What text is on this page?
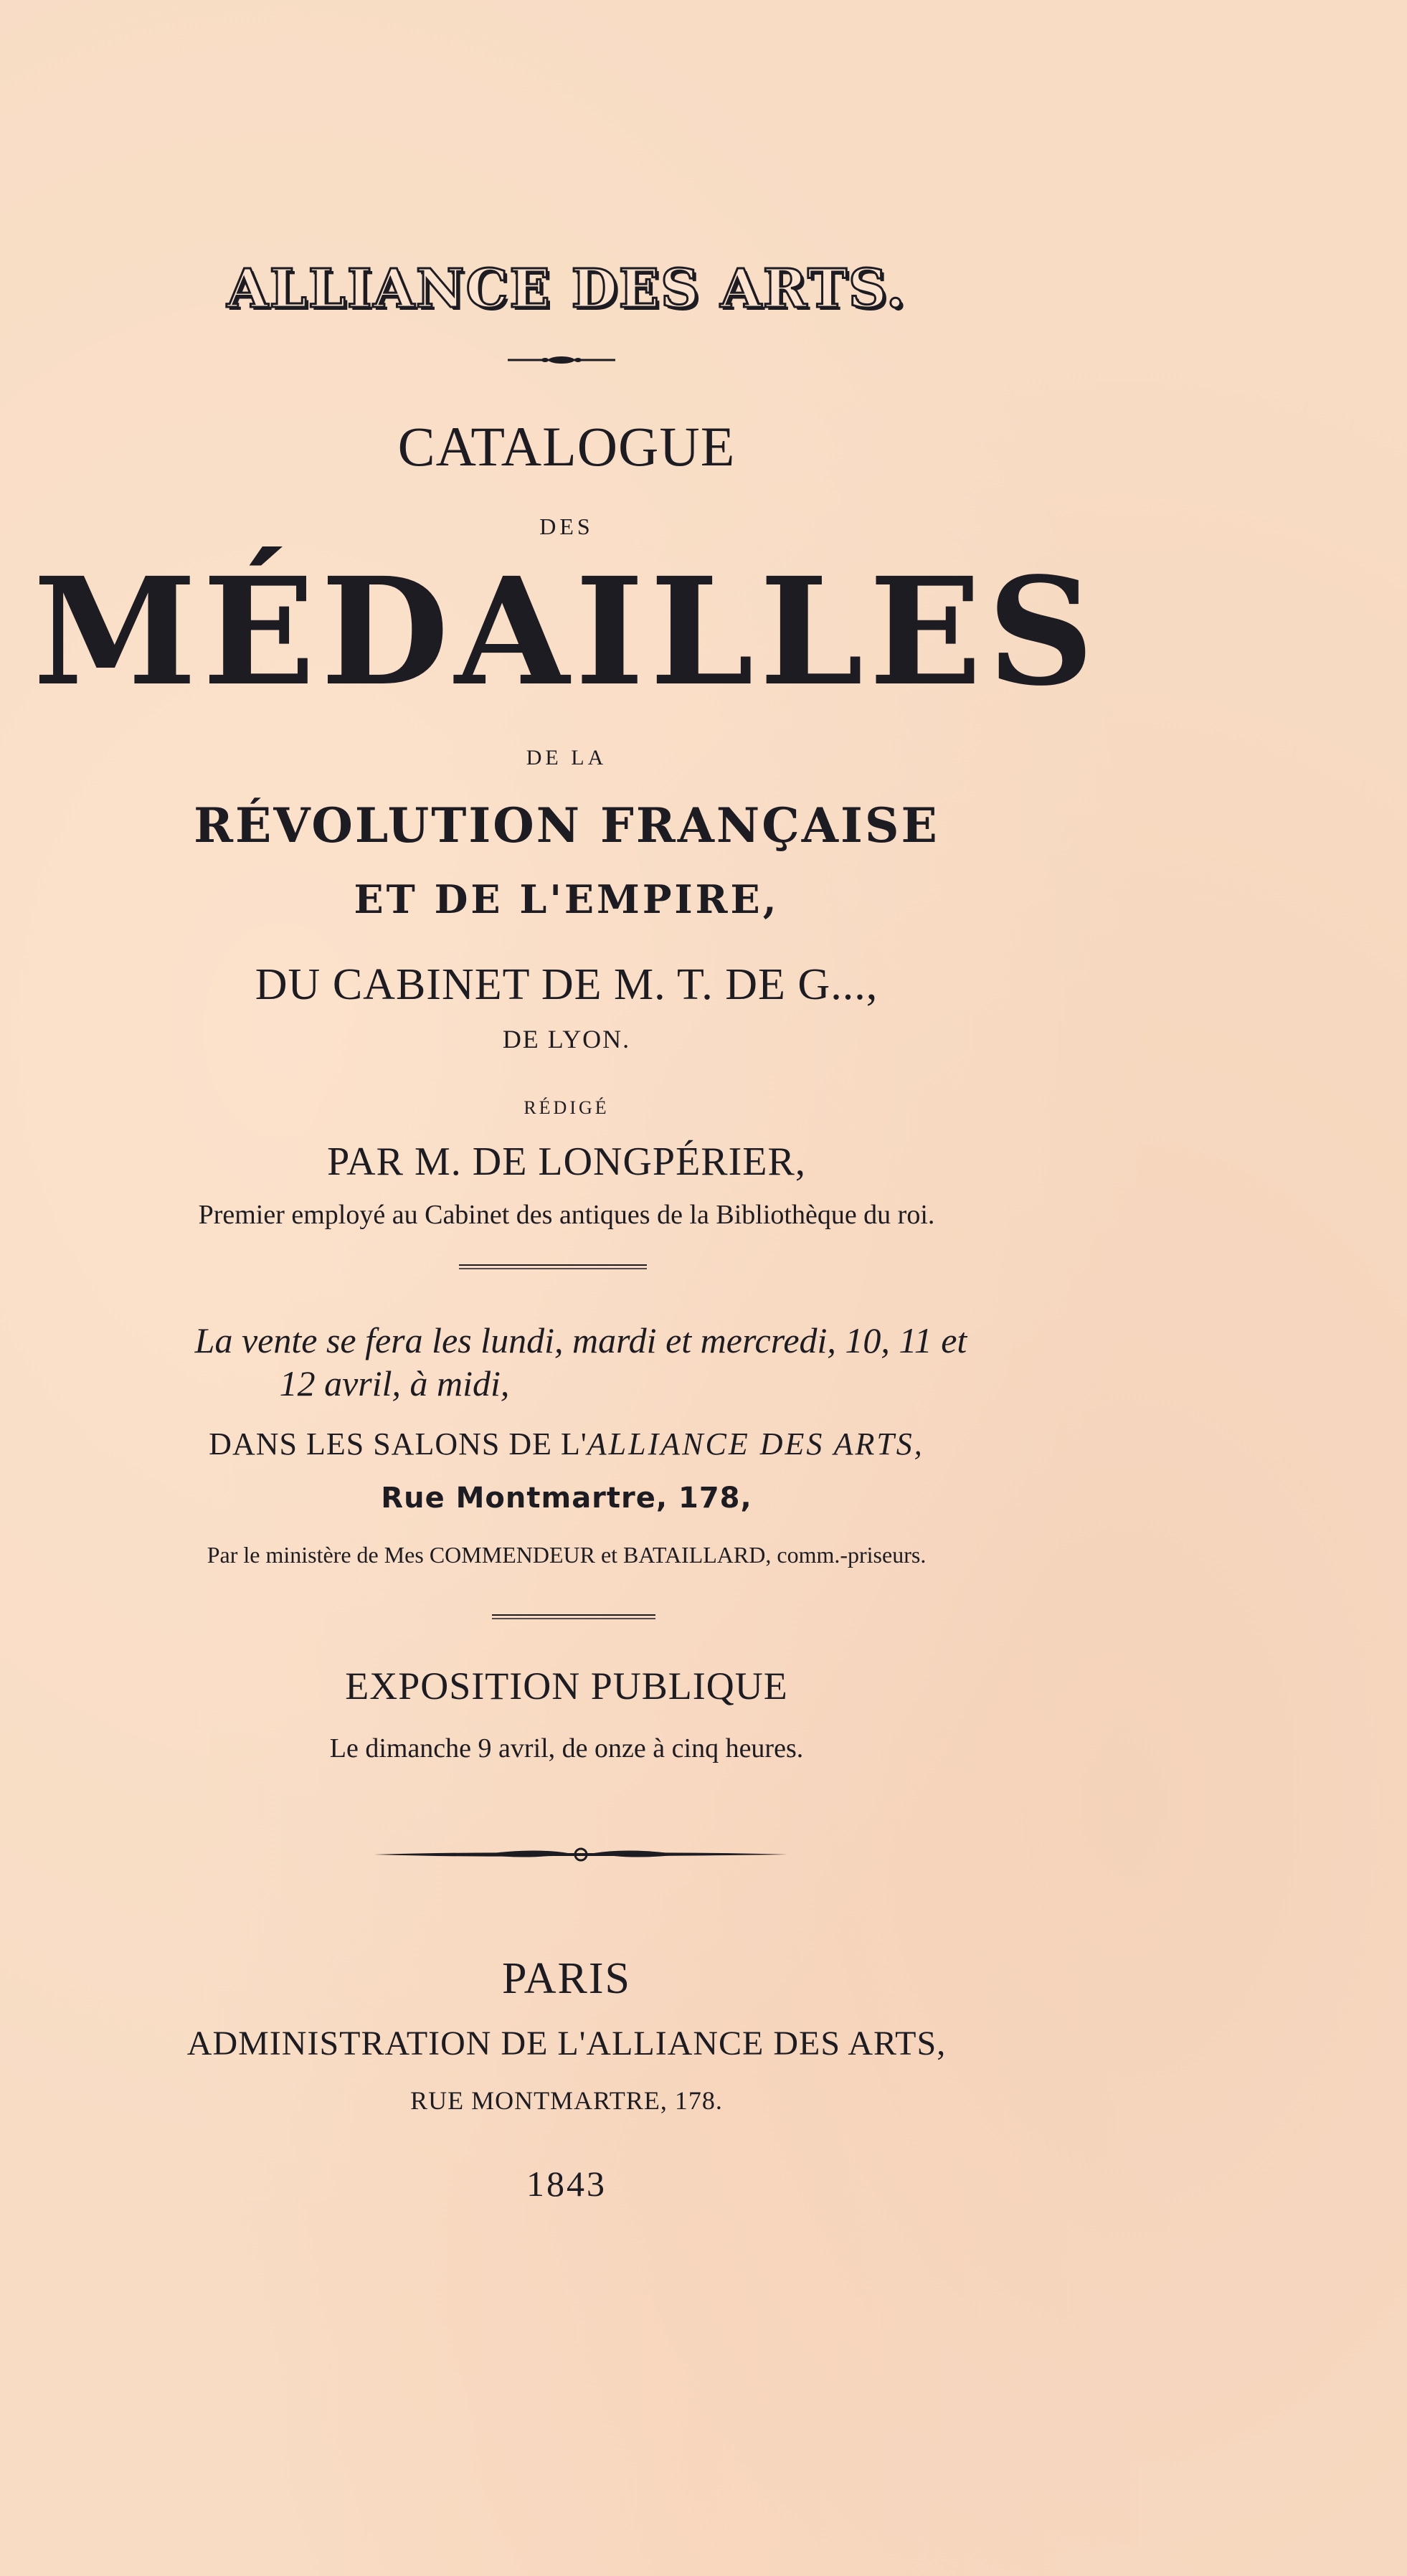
ALLIANCE DES ARTS.
CATALOGUE
DES
MÉDAILLES
DE LA
RÉVOLUTION FRANÇAISE
ET DE L'EMPIRE,
DU CABINET DE M. T. DE G...,
DE LYON.
RÉDIGÉ
PAR M. DE LONGPÉRIER,
Premier employé au Cabinet des antiques de la Bibliothèque du roi.
La vente se fera les lundi, mardi et mercredi, 10, 11 et
12 avril, à midi,
DANS LES SALONS DE L'ALLIANCE DES ARTS,
Rue Montmartre, 178,
Par le ministère de Mes COMMENDEUR et BATAILLARD, comm.-priseurs.
EXPOSITION PUBLIQUE
Le dimanche 9 avril, de onze à cinq heures.
PARIS
ADMINISTRATION DE L'ALLIANCE DES ARTS,
RUE MONTMARTRE, 178.
1843
